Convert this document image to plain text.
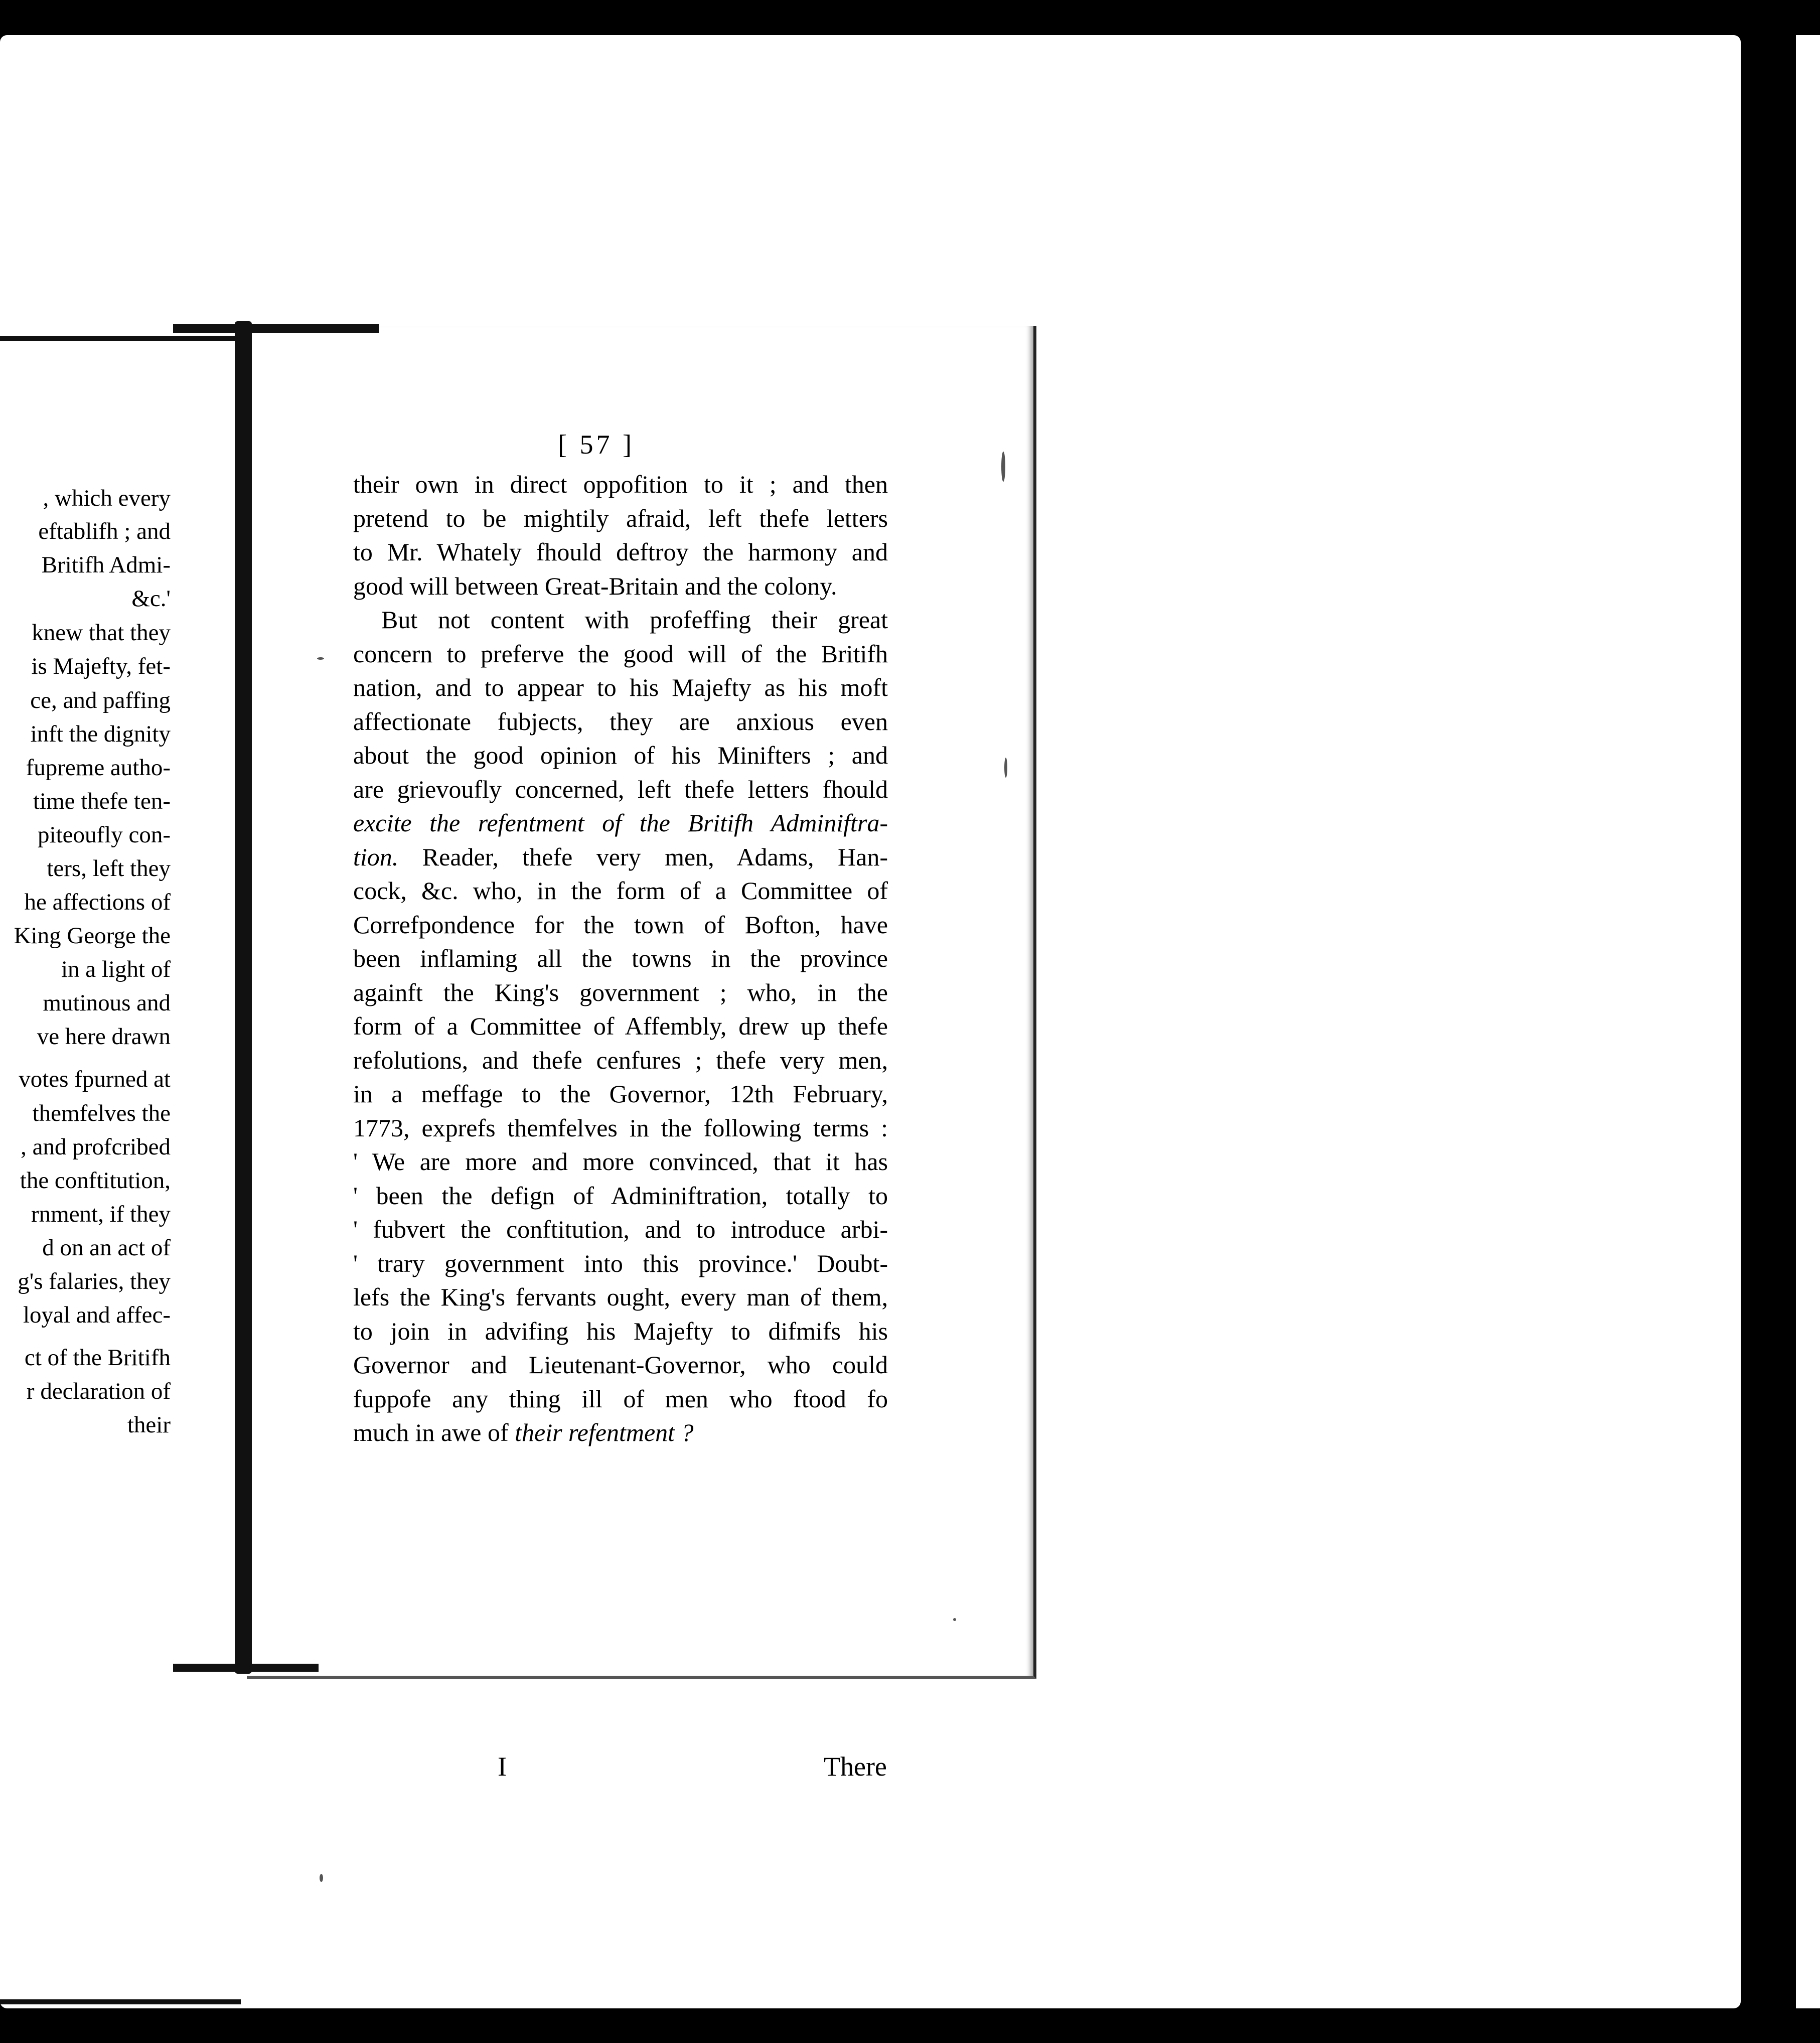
, which every
eftablifh ; and
Britifh Admi-
&c.'
knew that they
is Majefty, fet-
ce, and paffing
inft the dignity
fupreme autho-
time thefe ten-
piteoufly con-
ters, left they
he affections of
King George the
in a light of
mutinous and
ve here drawn
votes fpurned at
themfelves the
, and profcribed
the conftitution,
rnment, if they
d on an act of
g's falaries, they
loyal and affec-
ct of the Britifh
r declaration of
their
[ 57 ]
their own in direct oppofition to it ; and then
pretend to be mightily afraid, left thefe letters
to Mr. Whately fhould deftroy the harmony and
good will between Great-Britain and the colony.
But not content with profeffing their great
concern to preferve the good will of the Britifh
nation, and to appear to his Majefty as his moft
affectionate fubjects, they are anxious even
about the good opinion of his Minifters ; and
are grievoufly concerned, left thefe letters fhould
excite the refentment of the Britifh Adminiftra-
tion. Reader, thefe very men, Adams, Han-
cock, &c. who, in the form of a Committee of
Correfpondence for the town of Bofton, have
been inflaming all the towns in the province
againft the King's government ; who, in the
form of a Committee of Affembly, drew up thefe
refolutions, and thefe cenfures ; thefe very men,
in a meffage to the Governor, 12th February,
1773, exprefs themfelves in the following terms :
' We are more and more convinced, that it has
' been the defign of Adminiftration, totally to
' fubvert the conftitution, and to introduce arbi-
' trary government into this province.' Doubt-
lefs the King's fervants ought, every man of them,
to join in advifing his Majefty to difmifs his
Governor and Lieutenant-Governor, who could
fuppofe any thing ill of men who ftood fo
much in awe of their refentment ?
I	There
